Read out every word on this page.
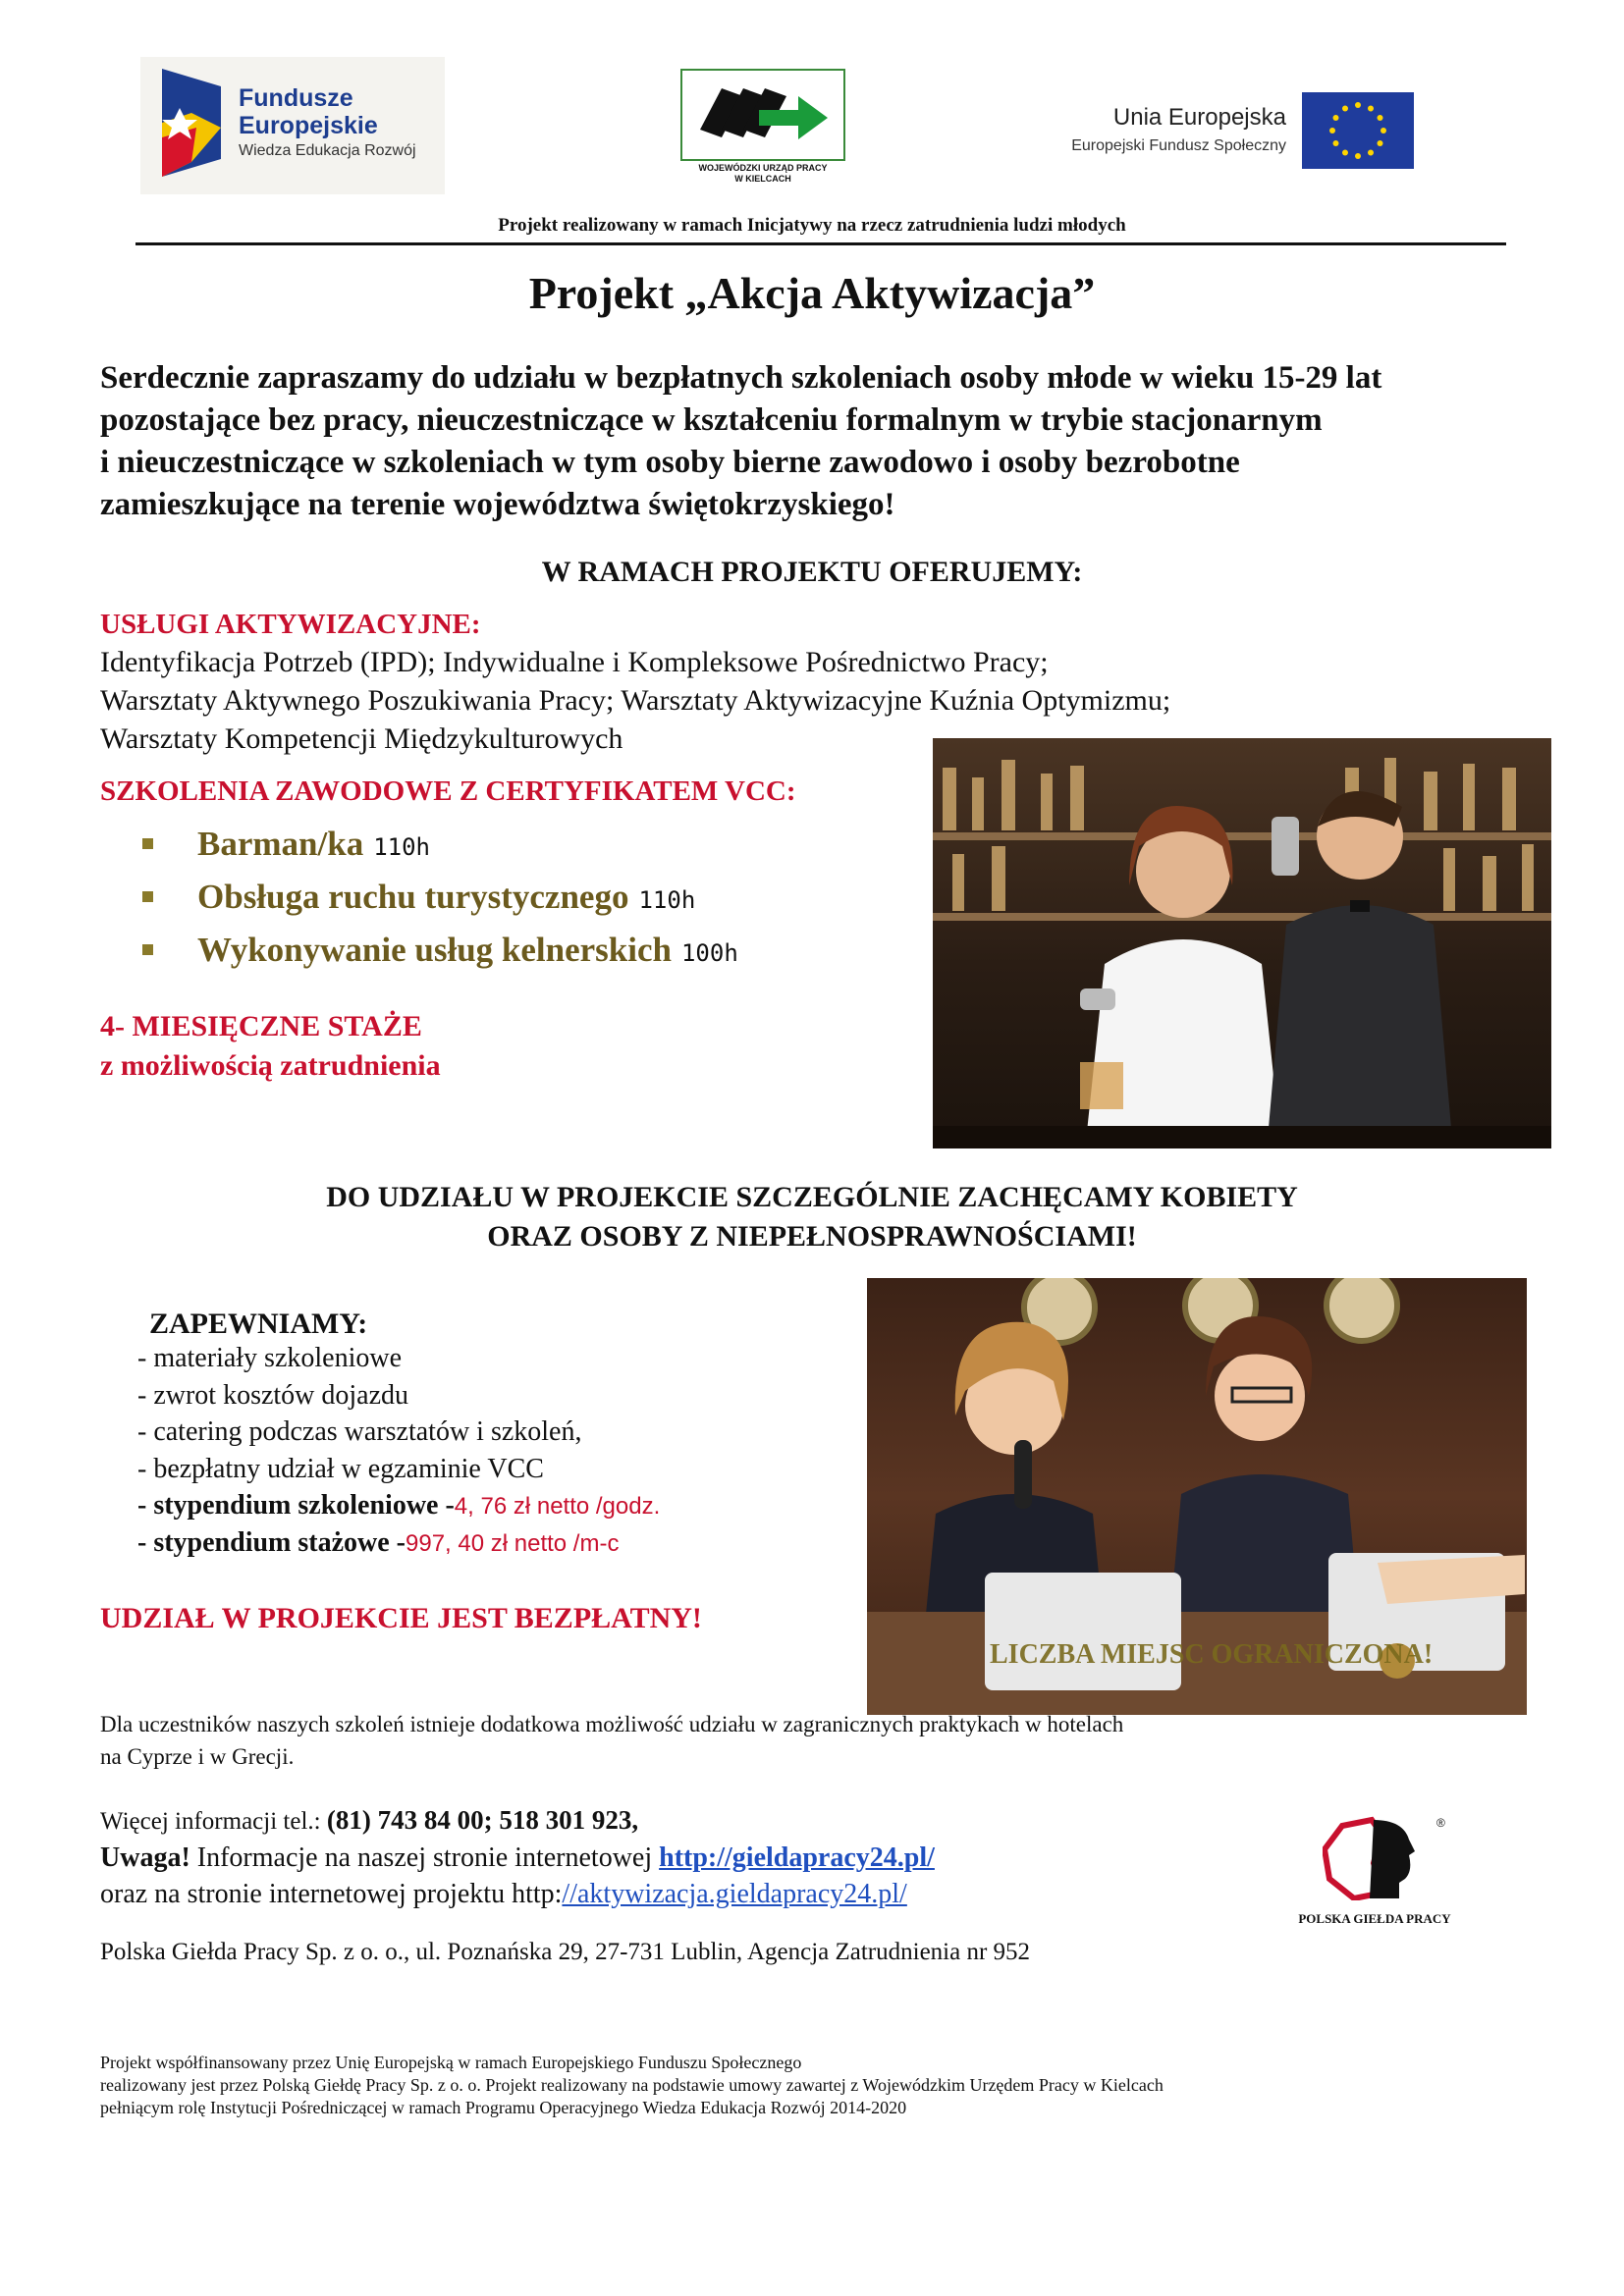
Fundusze
Europejskie
Wiedza Edukacja Rozwój
WOJEWÓDZKI URZĄD PRACY
W KIELCACH
Unia Europejska
Europejski Fundusz Społeczny
Projekt realizowany w ramach Inicjatywy na rzecz zatrudnienia ludzi młodych
Projekt „Akcja Aktywizacja”
Serdecznie zapraszamy do udziału w bezpłatnych szkoleniach osoby młode w wieku 15-29 lat
pozostające bez pracy, nieuczestniczące w kształceniu formalnym w trybie stacjonarnym
i nieuczestniczące w szkoleniach w tym osoby bierne zawodowo i osoby bezrobotne
zamieszkujące na terenie województwa świętokrzyskiego!
W RAMACH PROJEKTU OFERUJEMY:
USŁUGI AKTYWIZACYJNE:
Identyfikacja Potrzeb (IPD); Indywidualne i Kompleksowe Pośrednictwo Pracy;
Warsztaty Aktywnego Poszukiwania Pracy; Warsztaty Aktywizacyjne Kuźnia Optymizmu;
Warsztaty Kompetencji Międzykulturowych
SZKOLENIA ZAWODOWE Z CERTYFIKATEM VCC:
Barman/ka 110h
Obsługa ruchu turystycznego 110h
Wykonywanie usług kelnerskich 100h
4- MIESIĘCZNE STAŻE
z możliwością zatrudnienia
DO UDZIAŁU W PROJEKCIE SZCZEGÓLNIE ZACHĘCAMY KOBIETY
ORAZ OSOBY Z NIEPEŁNOSPRAWNOŚCIAMI!
ZAPEWNIAMY:
- materiały szkoleniowe
- zwrot kosztów dojazdu
- catering podczas warsztatów i szkoleń,
- bezpłatny udział w egzaminie VCC
- stypendium szkoleniowe -4, 76 zł netto /godz.
- stypendium stażowe -997, 40 zł netto /m-c
UDZIAŁ W PROJEKCIE JEST BEZPŁATNY!
LICZBA MIEJSC OGRANICZONA!
Dla uczestników naszych szkoleń istnieje dodatkowa możliwość udziału w zagranicznych praktykach w hotelach
na Cyprze i w Grecji.
Więcej informacji tel.: (81) 743 84 00; 518 301 923,
Uwaga! Informacje na naszej stronie internetowej http://gieldapracy24.pl/
oraz na stronie internetowej projektu http://aktywizacja.gieldapracy24.pl/
®
POLSKA GIEŁDA PRACY
Polska Giełda Pracy Sp. z o. o., ul. Poznańska 29, 27-731 Lublin, Agencja Zatrudnienia nr 952
Projekt współfinansowany przez Unię Europejską w ramach Europejskiego Funduszu Społecznego
realizowany jest przez Polską Giełdę Pracy Sp. z o. o. Projekt realizowany na podstawie umowy zawartej z Wojewódzkim Urzędem Pracy w Kielcach
pełniącym rolę Instytucji Pośredniczącej w ramach Programu Operacyjnego Wiedza Edukacja Rozwój 2014-2020
